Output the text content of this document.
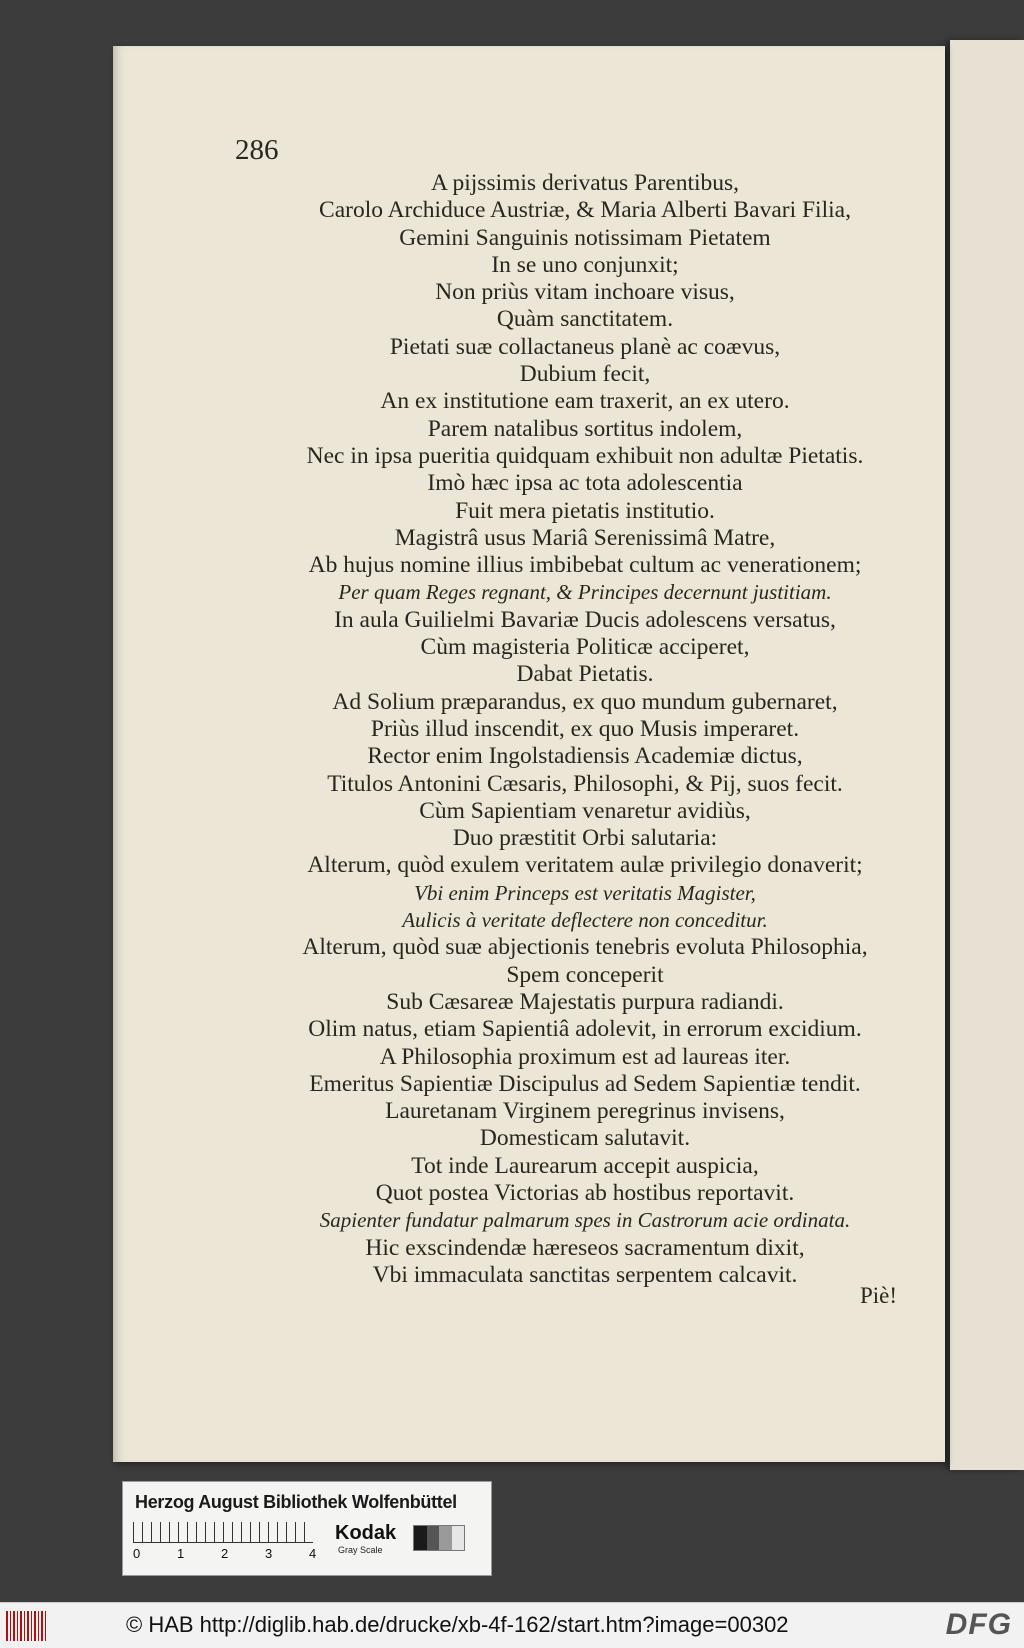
286
A pijssimis derivatus Parentibus,
Carolo Archiduce Austriæ, & Maria Alberti Bavari Filia,
Gemini Sanguinis notissimam Pietatem
In se uno conjunxit;
Non priùs vitam inchoare visus,
Quàm sanctitatem.
Pietati suæ collactaneus planè ac coævus,
Dubium fecit,
An ex institutione eam traxerit, an ex utero.
Parem natalibus sortitus indolem,
Nec in ipsa pueritia quidquam exhibuit non adultæ Pietatis.
Imò hæc ipsa ac tota adolescentia
Fuit mera pietatis institutio.
Magistrâ usus Mariâ Serenissimâ Matre,
Ab hujus nomine illius imbibebat cultum ac venerationem;
Per quam Reges regnant, & Principes decernunt justitiam.
In aula Guilielmi Bavariæ Ducis adolescens versatus,
Cùm magisteria Politicæ acciperet,
Dabat Pietatis.
Ad Solium præparandus, ex quo mundum gubernaret,
Priùs illud inscendit, ex quo Musis imperaret.
Rector enim Ingolstadiensis Academiæ dictus,
Titulos Antonini Cæsaris, Philosophi, & Pij, suos fecit.
Cùm Sapientiam venaretur avidiùs,
Duo præstitit Orbi salutaria:
Alterum, quòd exulem veritatem aulæ privilegio donaverit;
Vbi enim Princeps est veritatis Magister,
Aulicis à veritate deflectere non conceditur.
Alterum, quòd suæ abjectionis tenebris evoluta Philosophia,
Spem conceperit
Sub Cæsareæ Majestatis purpura radiandi.
Olim natus, etiam Sapientiâ adolevit, in errorum excidium.
A Philosophia proximum est ad laureas iter.
Emeritus Sapientiæ Discipulus ad Sedem Sapientiæ tendit.
Lauretanam Virginem peregrinus invisens,
Domesticam salutavit.
Tot inde Laurearum accepit auspicia,
Quot postea Victorias ab hostibus reportavit.
Sapienter fundatur palmarum spes in Castrorum acie ordinata.
Hic exscindendæ hæreseos sacramentum dixit,
Vbi immaculata sanctitas serpentem calcavit.
Piè!
Herzog August Bibliothek Wolfenbüttel
0	1	2	3	4
Kodak
Gray Scale
© HAB http://diglib.hab.de/drucke/xb-4f-162/start.htm?image=00302	DFG
